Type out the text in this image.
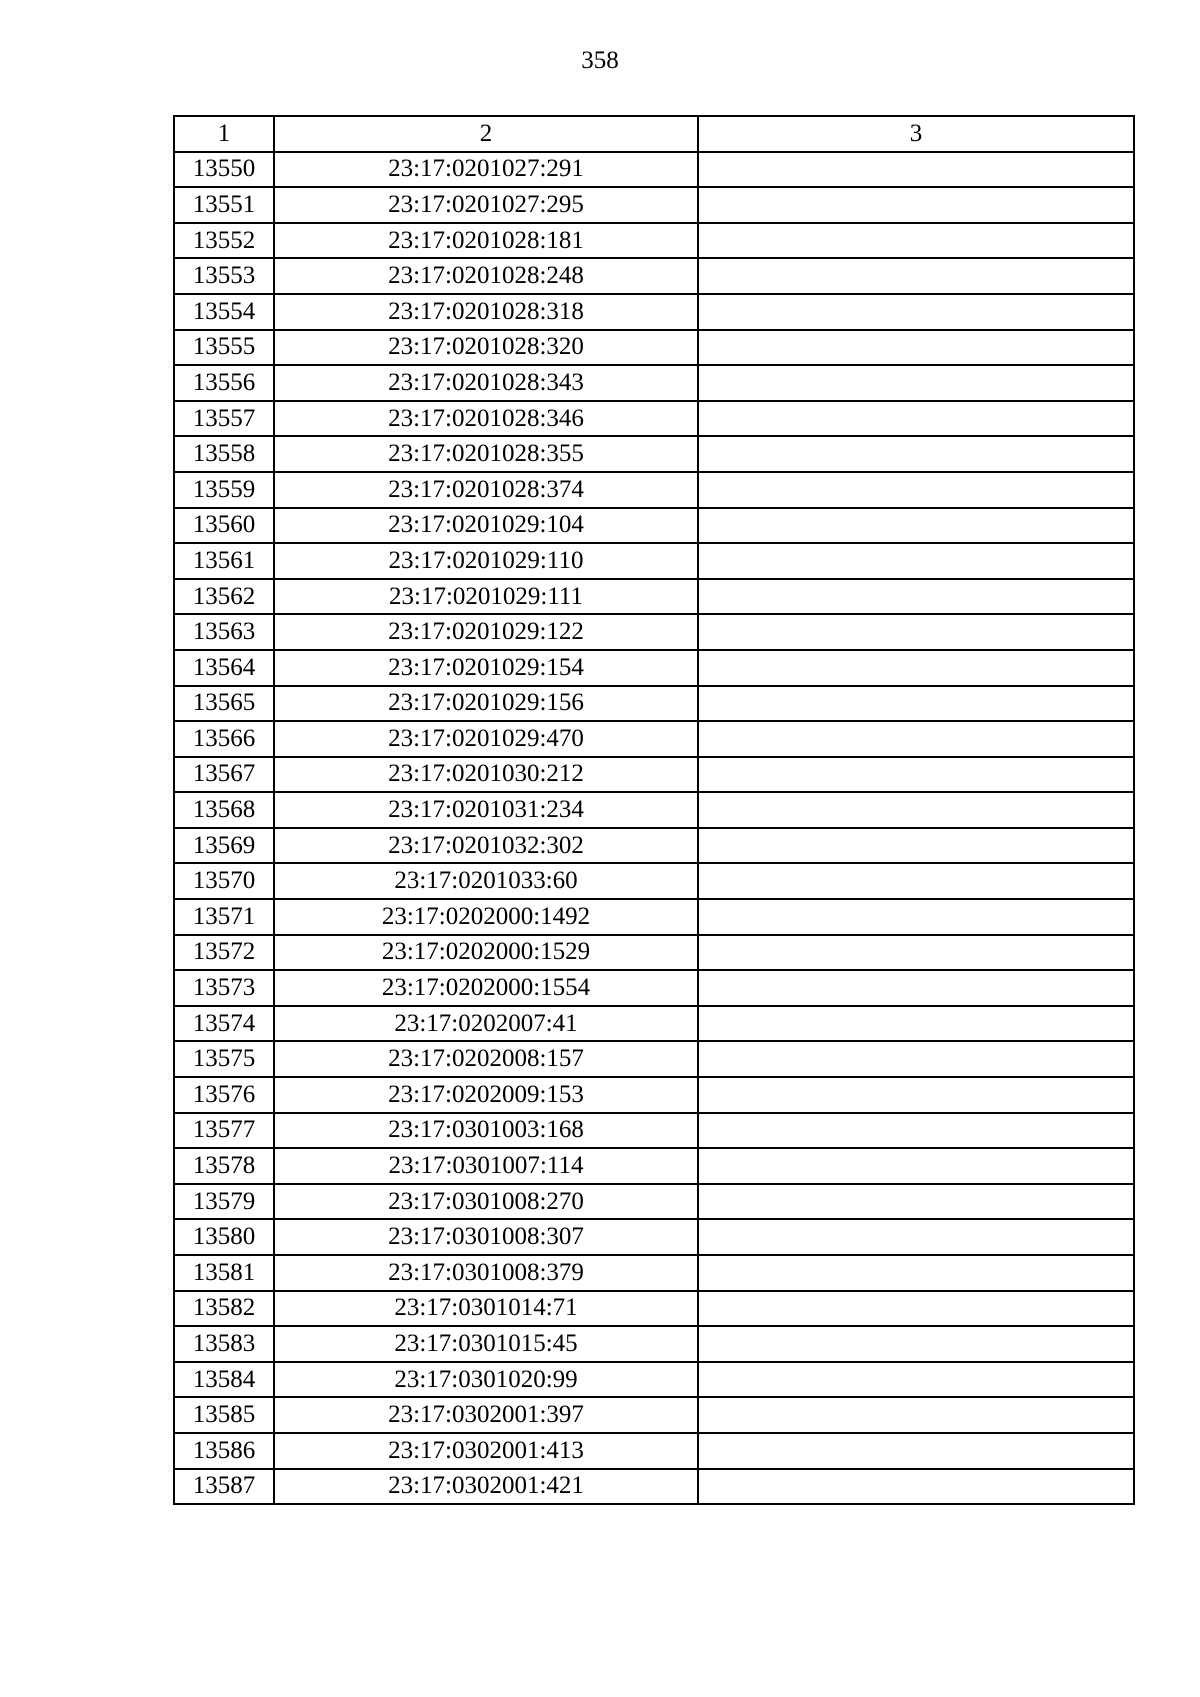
358
1	2	3
13550	23:17:0201027:291	
13551	23:17:0201027:295	
13552	23:17:0201028:181	
13553	23:17:0201028:248	
13554	23:17:0201028:318	
13555	23:17:0201028:320	
13556	23:17:0201028:343	
13557	23:17:0201028:346	
13558	23:17:0201028:355	
13559	23:17:0201028:374	
13560	23:17:0201029:104	
13561	23:17:0201029:110	
13562	23:17:0201029:111	
13563	23:17:0201029:122	
13564	23:17:0201029:154	
13565	23:17:0201029:156	
13566	23:17:0201029:470	
13567	23:17:0201030:212	
13568	23:17:0201031:234	
13569	23:17:0201032:302	
13570	23:17:0201033:60	
13571	23:17:0202000:1492	
13572	23:17:0202000:1529	
13573	23:17:0202000:1554	
13574	23:17:0202007:41	
13575	23:17:0202008:157	
13576	23:17:0202009:153	
13577	23:17:0301003:168	
13578	23:17:0301007:114	
13579	23:17:0301008:270	
13580	23:17:0301008:307	
13581	23:17:0301008:379	
13582	23:17:0301014:71	
13583	23:17:0301015:45	
13584	23:17:0301020:99	
13585	23:17:0302001:397	
13586	23:17:0302001:413	
13587	23:17:0302001:421	
